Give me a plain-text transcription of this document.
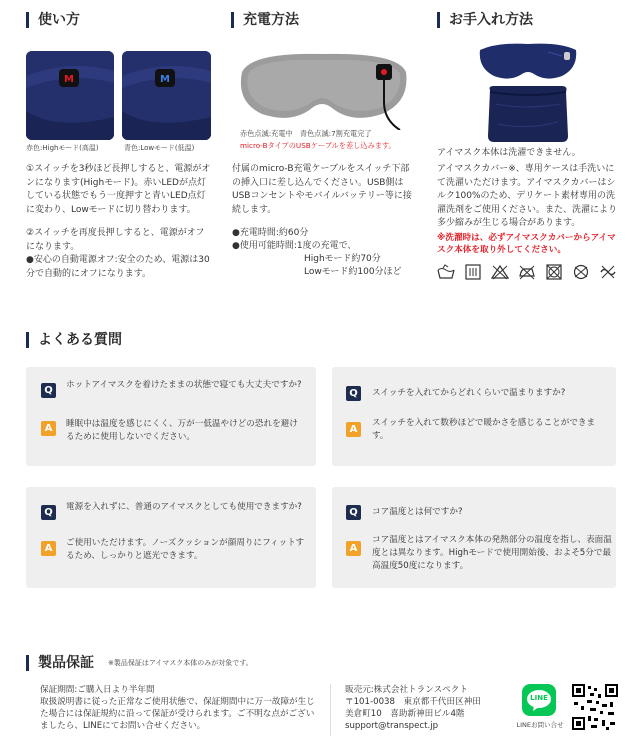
使い方
M	M
赤色:Highモード(高温)	青色:Lowモード(低温)
①スイッチを3秒ほど長押しすると、電源がオンになります(Highモード)。赤いLEDが点灯している状態でもう一度押すと青いLED点灯に変わり、Lowモードに切り替わります。
②スイッチを再度長押しすると、電源がオフになります。
●安心の自動電源オフ:安全のため、電源は30分で自動的にオフになります。
充電方法
赤色点滅:充電中　青色点滅:7割充電完了
micro-BタイプのUSBケーブルを差し込みます。
付属のmicro-B充電ケーブルをスイッチ下部の挿入口に差し込んでください。USB側はUSBコンセントやモバイルバッテリー等に接続します。
●充電時間:約60分
●使用可能時間:1度の充電で、
Highモード約70分
Lowモード約100分ほど
お手入れ方法
アイマスク本体は洗濯できません。
アイマスクカバー※、専用ケースは手洗いにて洗濯いただけます。アイマスクカバーはシルク100%のため、デリケート素材専用の洗濯洗剤をご使用ください。また、洗濯により多少縮みが生じる場合があります。
※洗濯時は、必ずアイマスクカバーからアイマスク本体を取り外してください。
よくある質問
Q	ホットアイマスクを着けたままの状態で寝ても大丈夫ですか?
A	睡眠中は温度を感じにくく、万が一低温やけどの恐れを避けるために使用しないでください。
Q	スイッチを入れてからどれくらいで温まりますか?
A
スイッチを入れて数秒ほどで暖かさを感じることができます。
Q	電源を入れずに、普通のアイマスクとしても使用できますか?
A	ご使用いただけます。ノーズクッションが顔周りにフィットするため、しっかりと遮光できます。
Q	コア温度とは何ですか?
A
コア温度とはアイマスク本体の発熱部分の温度を指し、表面温度とは異なります。Highモードで使用開始後、およそ5分で最高温度50度になります。
製品保証 ※製品保証はアイマスク本体のみが対象です。
保証期間:ご購入日より半年間
取扱説明書に従った正常なご使用状態で、保証期間中に万一故障が生じた場合には保証規約に沿って保証が受けられます。ご不明な点がございましたら、LINEにてお問い合せください。
販売元:株式会社トランスペクト
〒101-0038　東京都千代田区神田
美倉町10　喜助新神田ビル4階
support@transpect.jp
LINE
LINEお問い合せ
